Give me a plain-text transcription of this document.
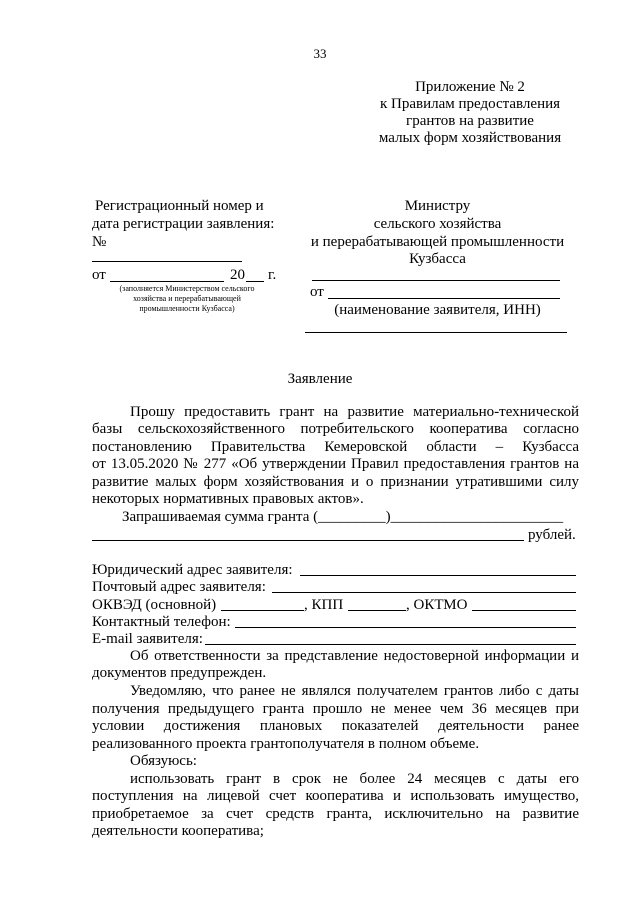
33
Приложение № 2
к Правилам предоставления
грантов на развитие
малых форм хозяйствования
Регистрационный номер и
дата регистрации заявления:
№
от	20 г.
(заполняется Министерством сельского
хозяйства и перерабатывающей
промышленности Кузбасса)
Министру
сельского хозяйства
и перерабатывающей промышленности
Кузбасса
от
(наименование заявителя, ИНН)
Заявление
Прошу предоставить грант на развитие материально-технической
базы сельскохозяйственного потребительского кооператива согласно
постановлению Правительства Кемеровской области – Кузбасса
от 13.05.2020 № 277 «Об утверждении Правил предоставления грантов на
развитие малых форм хозяйствования и о признании утратившими силу
некоторых нормативных правовых актов».
Запрашиваемая сумма гранта (_________)_______________________
рублей.
Юридический адрес заявителя:
Почтовый адрес заявителя:
ОКВЭД (основной)	, КПП	, ОКТМО
Контактный телефон:
E-mail заявителя:
Об ответственности за представление недостоверной информации и
документов предупрежден.
Уведомляю, что ранее не являлся получателем грантов либо с даты
получения предыдущего гранта прошло не менее чем 36 месяцев при
условии достижения плановых показателей деятельности ранее
реализованного проекта грантополучателя в полном объеме.
Обязуюсь:
использовать грант в срок не более 24 месяцев с даты его
поступления на лицевой счет кооператива и использовать имущество,
приобретаемое за счет средств гранта, исключительно на развитие
деятельности кооператива;
